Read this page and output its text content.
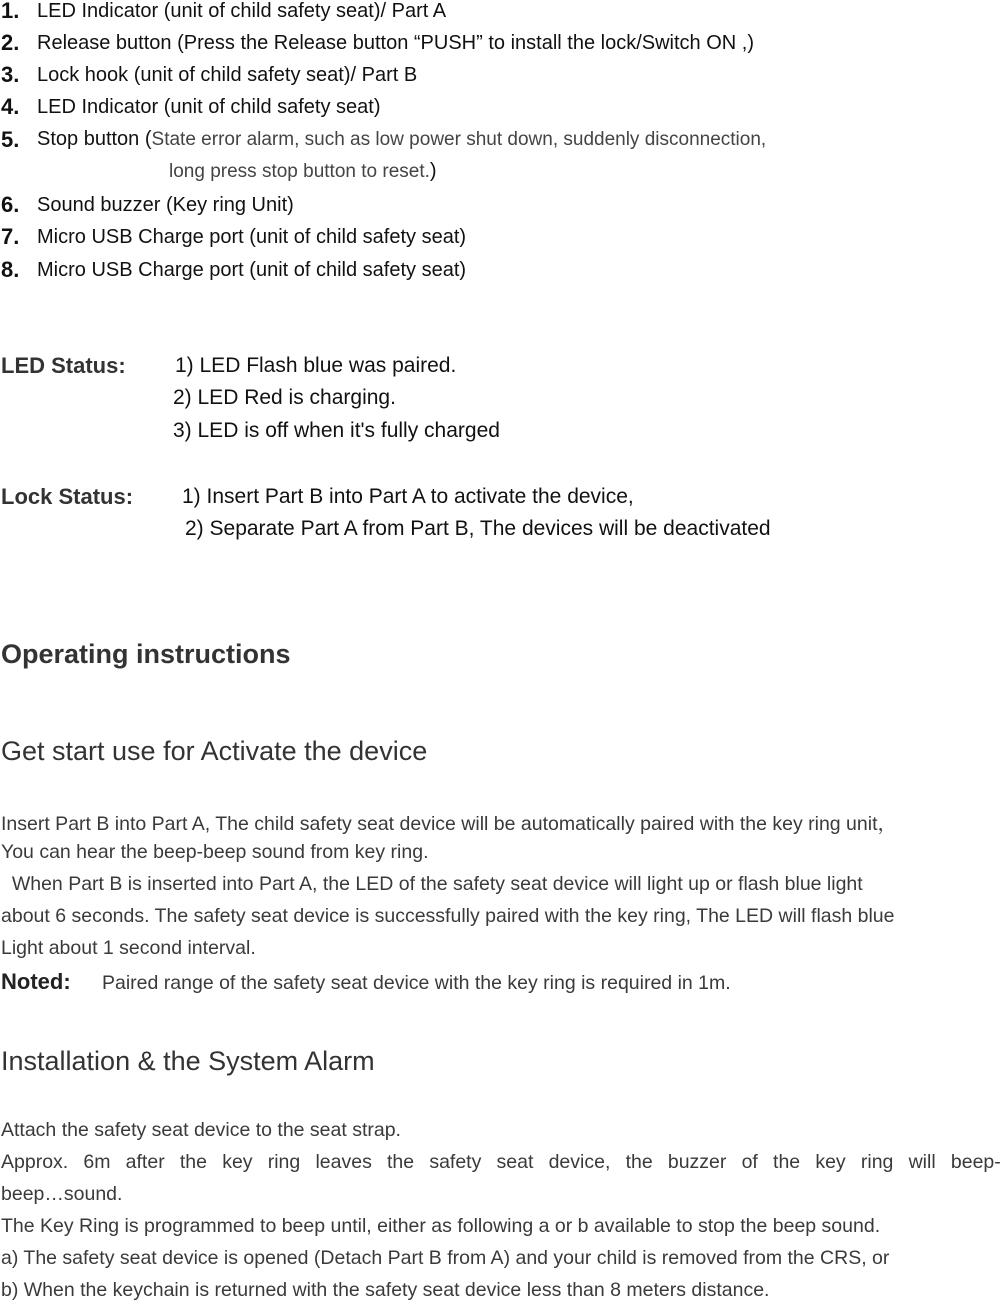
1. LED Indicator (unit of child safety seat)/ Part A
2. Release button (Press the Release button “PUSH” to install the lock/Switch ON ,)
3. Lock hook (unit of child safety seat)/ Part B
4. LED Indicator (unit of child safety seat)
5. Stop button (State error alarm, such as low power shut down, suddenly disconnection,
long press stop button to reset.)
6. Sound buzzer (Key ring Unit)
7. Micro USB Charge port (unit of child safety seat)
8. Micro USB Charge port (unit of child safety seat)
LED Status: 1) LED Flash blue was paired.
2) LED Red is charging.
3) LED is off when it's fully charged
Lock Status: 1) Insert Part B into Part A to activate the device,
2) Separate Part A from Part B, The devices will be deactivated
Operating instructions
Get start use for Activate the device
Insert Part B into Part A, The child safety seat device will be automatically paired with the key ring unit，
You can hear the beep-beep sound from key ring.
When Part B is inserted into Part A, the LED of the safety seat device will light up or flash blue light
about 6 seconds. The safety seat device is successfully paired with the key ring, The LED will flash blue
Light about 1 second interval.
Noted: Paired range of the safety seat device with the key ring is required in 1m.
Installation & the System Alarm
Attach the safety seat device to the seat strap.
Approx. 6m after the key ring leaves the safety seat device, the buzzer of the key ring will beep-
beep…sound.
The Key Ring is programmed to beep until, either as following a or b available to stop the beep sound.
a) The safety seat device is opened (Detach Part B from A) and your child is removed from the CRS, or
b) When the keychain is returned with the safety seat device less than 8 meters distance.
